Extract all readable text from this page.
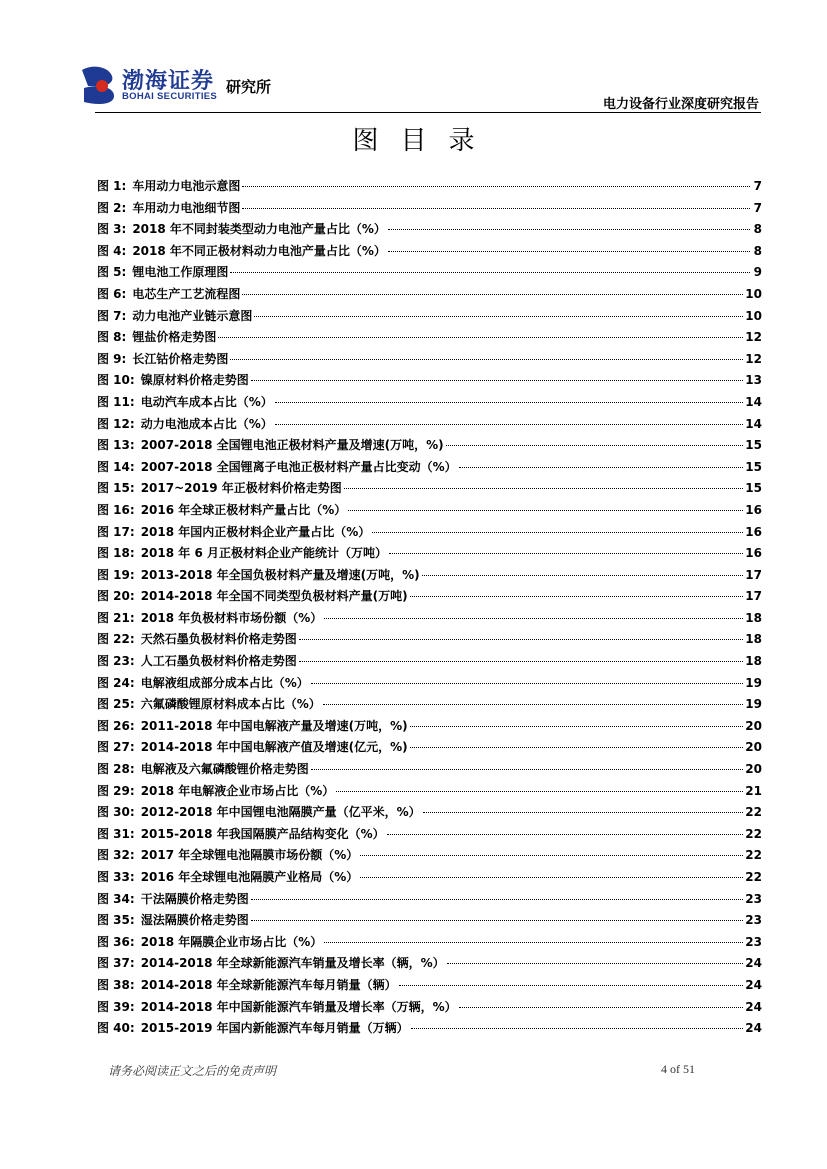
渤海证券
BOHAI SECURITIES
研究所
电力设备行业深度研究报告
图目录
图 1: 车用动力电池示意图	7
图 2: 车用动力电池细节图	7
图 3: 2018 年不同封装类型动力电池产量占比（%）	8
图 4: 2018 年不同正极材料动力电池产量占比（%）	8
图 5: 锂电池工作原理图	9
图 6: 电芯生产工艺流程图	10
图 7: 动力电池产业链示意图	10
图 8: 锂盐价格走势图	12
图 9: 长江钴价格走势图	12
图 10: 镍原材料价格走势图	13
图 11: 电动汽车成本占比（%）	14
图 12: 动力电池成本占比（%）	14
图 13: 2007-2018 全国锂电池正极材料产量及增速(万吨，%)	15
图 14: 2007-2018 全国锂离子电池正极材料产量占比变动（%）	15
图 15: 2017~2019 年正极材料价格走势图	15
图 16: 2016 年全球正极材料产量占比（%）	16
图 17: 2018 年国内正极材料企业产量占比（%）	16
图 18: 2018 年 6 月正极材料企业产能统计（万吨）	16
图 19: 2013-2018 年全国负极材料产量及增速(万吨，%)	17
图 20: 2014-2018 年全国不同类型负极材料产量(万吨)	17
图 21: 2018 年负极材料市场份额（%）	18
图 22: 天然石墨负极材料价格走势图	18
图 23: 人工石墨负极材料价格走势图	18
图 24: 电解液组成部分成本占比（%）	19
图 25: 六氟磷酸锂原材料成本占比（%）	19
图 26: 2011-2018 年中国电解液产量及增速(万吨，%)	20
图 27: 2014-2018 年中国电解液产值及增速(亿元，%)	20
图 28: 电解液及六氟磷酸锂价格走势图	20
图 29: 2018 年电解液企业市场占比（%）	21
图 30: 2012-2018 年中国锂电池隔膜产量（亿平米，%）	22
图 31: 2015-2018 年我国隔膜产品结构变化（%）	22
图 32: 2017 年全球锂电池隔膜市场份额（%）	22
图 33: 2016 年全球锂电池隔膜产业格局（%）	22
图 34: 干法隔膜价格走势图	23
图 35: 湿法隔膜价格走势图	23
图 36: 2018 年隔膜企业市场占比（%）	23
图 37: 2014-2018 年全球新能源汽车销量及增长率（辆，%）	24
图 38: 2014-2018 年全球新能源汽车每月销量（辆）	24
图 39: 2014-2018 年中国新能源汽车销量及增长率（万辆，%）	24
图 40: 2015-2019 年国内新能源汽车每月销量（万辆）	24
请务必阅读正文之后的免责声明	4 of 51
